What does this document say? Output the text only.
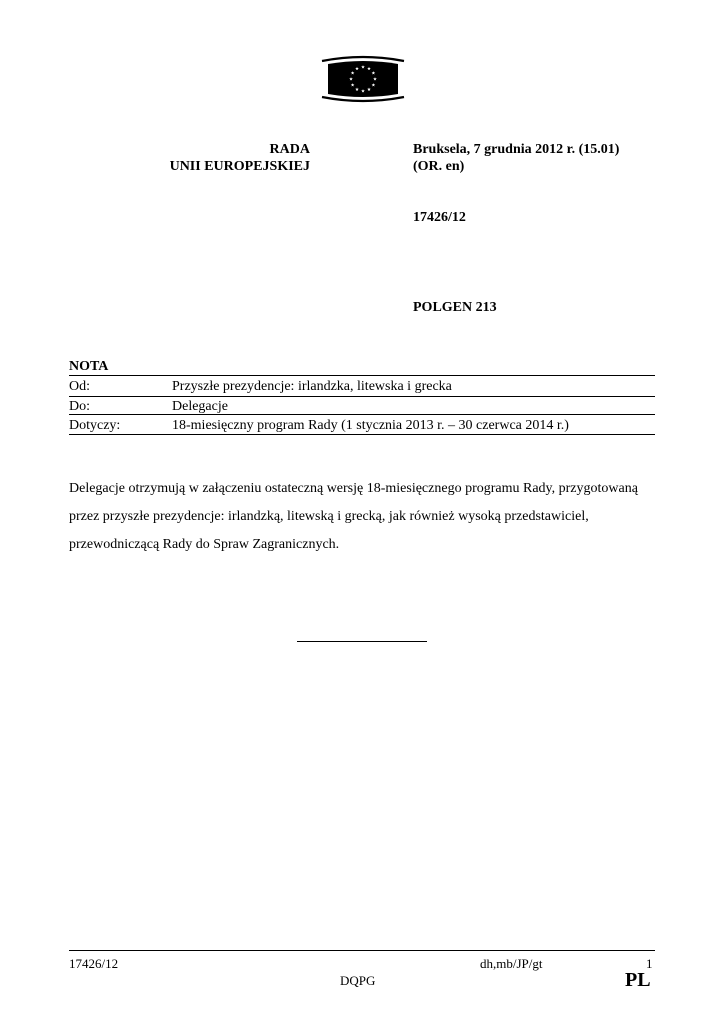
RADA
UNII EUROPEJSKIEJ
Bruksela, 7 grudnia 2012 r. (15.01)
(OR. en)
17426/12
POLGEN 213
NOTA
Od:	Przyszłe prezydencje: irlandzka, litewska i grecka
Do:	Delegacje
Dotyczy:	18-miesięczny program Rady (1 stycznia 2013 r. – 30 czerwca 2014 r.)

Delegacje otrzymują w załączeniu ostateczną wersję 18-miesięcznego programu Rady, przygotowaną przez przyszłe prezydencje: irlandzką, litewską i grecką, jak również wysoką przedstawiciel, przewodniczącą Rady do Spraw Zagranicznych.

17426/12	dh,mb/JP/gt	1
DQPG	PL
